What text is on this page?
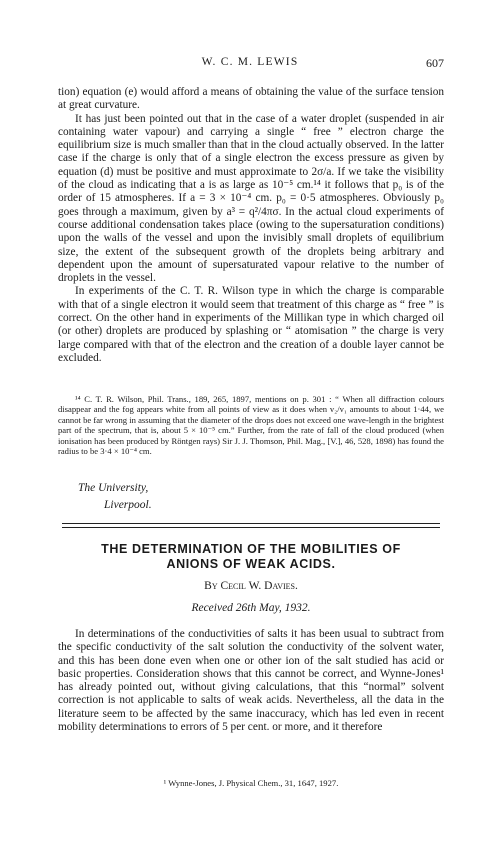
W. C. M. LEWIS	607

tion) equation (e) would afford a means of obtaining the value of the surface tension at great curvature.

It has just been pointed out that in the case of a water droplet (suspended in air containing water vapour) and carrying a single “ free ” electron charge the equilibrium size is much smaller than that in the cloud actually observed. In the latter case if the charge is only that of a single electron the excess pressure as given by equation (d) must be positive and must approximate to 2σ/a. If we take the visibility of the cloud as indicating that a is as large as 10⁻⁵ cm.¹⁴ it follows that p₀ is of the order of 15 atmospheres. If a = 3 × 10⁻⁴ cm. p₀ = 0·5 atmospheres. Obviously p₀ goes through a maximum, given by a³ = q²/4πσ. In the actual cloud experiments of course additional condensation takes place (owing to the supersaturation conditions) upon the walls of the vessel and upon the invisibly small droplets of equilibrium size, the extent of the subsequent growth of the droplets being arbitrary and dependent upon the amount of supersaturated vapour relative to the number of droplets in the vessel.

In experiments of the C. T. R. Wilson type in which the charge is comparable with that of a single electron it would seem that treatment of this charge as “ free ” is correct. On the other hand in experiments of the Millikan type in which charged oil (or other) droplets are produced by splashing or “ atomisation ” the charge is very large compared with that of the electron and the creation of a double layer cannot be excluded.

¹⁴ C. T. R. Wilson, Phil. Trans., 189, 265, 1897, mentions on p. 301 : “ When all diffraction colours disappear and the fog appears white from all points of view as it does when v₂/v₁ amounts to about 1·44, we cannot be far wrong in assuming that the diameter of the drops does not exceed one wave-length in the brightest part of the spectrum, that is, about 5 × 10⁻⁵ cm.” Further, from the rate of fall of the cloud produced (when ionisation has been produced by Röntgen rays) Sir J. J. Thomson, Phil. Mag., [V.], 46, 528, 1898) has found the radius to be 3·4 × 10⁻⁴ cm.

The University,
Liverpool.
THE DETERMINATION OF THE MOBILITIES OF
ANIONS OF WEAK ACIDS.
By Cecil W. Davies.
Received 26th May, 1932.

In determinations of the conductivities of salts it has been usual to subtract from the specific conductivity of the salt solution the conductivity of the solvent water, and this has been done even when one or other ion of the salt studied has acid or basic properties. Consideration shows that this cannot be correct, and Wynne-Jones¹ has already pointed out, without giving calculations, that this “normal” solvent correction is not applicable to salts of weak acids. Nevertheless, all the data in the literature seem to be affected by the same inaccuracy, which has led even in recent mobility determinations to errors of 5 per cent. or more, and it therefore

¹ Wynne-Jones, J. Physical Chem., 31, 1647, 1927.
